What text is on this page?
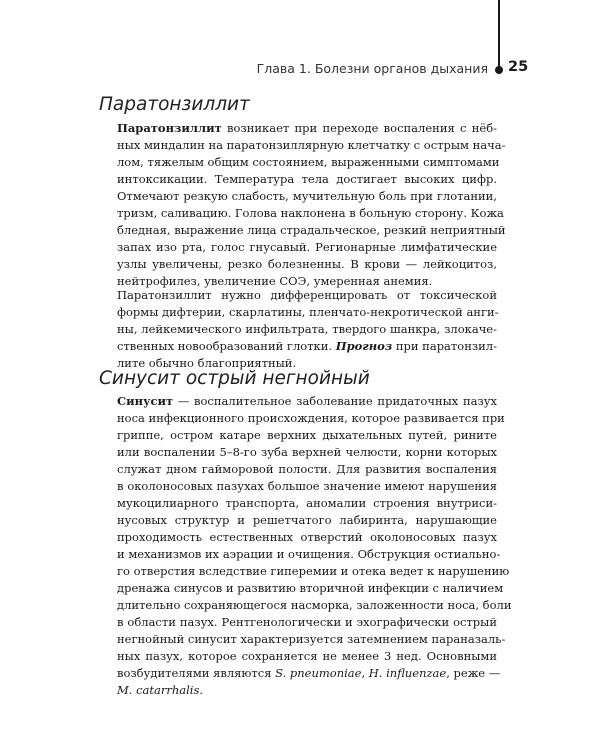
Глава 1. Болезни органов дыхания 25
Паратонзиллит

Паратонзиллит возникает при переходе воспаления с нёб-
ных миндалин на паратонзиллярную клетчатку с острым нача-
лом, тяжелым общим состоянием, выраженными симптомами
интоксикации. Температура тела достигает высоких цифр.
Отмечают резкую слабость, мучительную боль при глотании,
тризм, саливацию. Голова наклонена в больную сторону. Кожа
бледная, выражение лица страдальческое, резкий неприятный
запах изо рта, голос гнусавый. Регионарные лимфатические
узлы увеличены, резко болезненны. В крови — лейкоцитоз,
нейтрофилез, увеличение СОЭ, умеренная анемия.

Паратонзиллит нужно дифференцировать от токсической
формы дифтерии, скарлатины, пленчато-некротической анги-
ны, лейкемического инфильтрата, твердого шанкра, злокаче-
ственных новообразований глотки. Прогноз при паратонзил-
лите обычно благоприятный.

Синусит острый негнойный

Синусит — воспалительное заболевание придаточных пазух
носа инфекционного происхождения, которое развивается при
гриппе, остром катаре верхних дыхательных путей, рините
или воспалении 5–8-го зуба верхней челюсти, корни которых
служат дном гайморовой полости. Для развития воспаления
в околоносовых пазухах большое значение имеют нарушения
мукоцилиарного транспорта, аномалии строения внутриси-
нусовых структур и решетчатого лабиринта, нарушающие
проходимость естественных отверстий околоносовых пазух
и механизмов их аэрации и очищения. Обструкция остиально-
го отверстия вследствие гиперемии и отека ведет к нарушению
дренажа синусов и развитию вторичной инфекции с наличием
длительно сохраняющегося насморка, заложенности носа, боли
в области пазух. Рентгенологически и эхографически острый
негнойный синусит характеризуется затемнением параназаль-
ных пазух, которое сохраняется не менее 3 нед. Основными
возбудителями являются S. pneumoniae, H. influenzae, реже —
M. catarrhalis.
